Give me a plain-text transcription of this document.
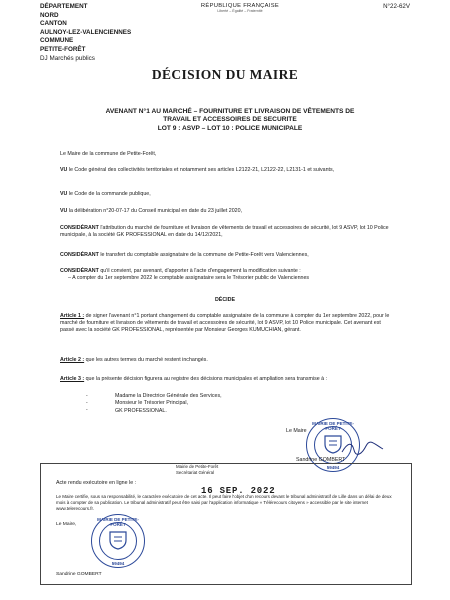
DÉPARTEMENT
NORD
CANTON
AULNOY-LEZ-VALENCIENNES
COMMUNE
PETITE-FORÊT
DJ Marchés publics
RÉPUBLIQUE FRANÇAISE
Liberté – Égalité – Fraternité
N°22-62V
DÉCISION DU MAIRE
AVENANT N°1 AU MARCHÉ – FOURNITURE ET LIVRAISON DE VÊTEMENTS DE
TRAVAIL ET ACCESSOIRES DE SECURITE
LOT 9 : ASVP – LOT 10 : POLICE MUNICIPALE

Le Maire de la commune de Petite-Forêt,

VU le Code général des collectivités territoriales et notamment ses articles L2122-21, L2122-22, L2131-1 et suivants,

VU le Code de la commande publique,

VU la délibération n°20-07-17 du Conseil municipal en date du 23 juillet 2020,

CONSIDÉRANT l'attribution du marché de fourniture et livraison de vêtements de travail et accessoires de sécurité, lot 9 ASVP, lot 10 Police municipale, à la société GK PROFESSIONAL en date du 14/12/2021,

CONSIDÉRANT le transfert du comptable assignataire de la commune de Petite-Forêt vers Valenciennes,

CONSIDÉRANT qu'il convient, par avenant, d'apporter à l'acte d'engagement la modification suivante :

– A compter du 1er septembre 2022 le comptable assignataire sera le Trésorier public de Valenciennes

DÉCIDE

Article 1 : de signer l'avenant n°1 portant changement du comptable assignataire de la commune à compter du 1er septembre 2022, pour le marché de fourniture et livraison de vêtements de travail et accessoires de sécurité, lot 9 ASVP, lot 10 Police municipale. Cet avenant est passé avec la société GK PROFESSIONAL, représentée par Monsieur Georges KUMUCHIAN, gérant.

Article 2 : que les autres termes du marché restent inchangés.

Article 3 : que la présente décision figurera au registre des décisions municipales et ampliation sera transmise à :

-
-
-
Madame la Directrice Générale des Services,
Monsieur le Trésorier Principal,
GK PROFESSIONAL.
Le Maire
MAIRIE DE PETITE-FORÊT
59494
Sandrine GOMBERT
Mairie de Petite-Forêt
Secrétariat Général
Acte rendu exécutoire en ligne le :
16 SEP. 2022
Le Maire certifie, sous sa responsabilité, le caractère exécutoire de cet acte. Il peut faire l'objet d'un recours devant le tribunal administratif de Lille dans un délai de deux mois à compter de sa publication. Le tribunal administratif peut être saisi par l'application informatique « Télérecours citoyens » accessible par le site internet www.telerecours.fr.
Le Maire,
MAIRIE DE PETITE-FORÊT
59494
Sandrine GOMBERT
